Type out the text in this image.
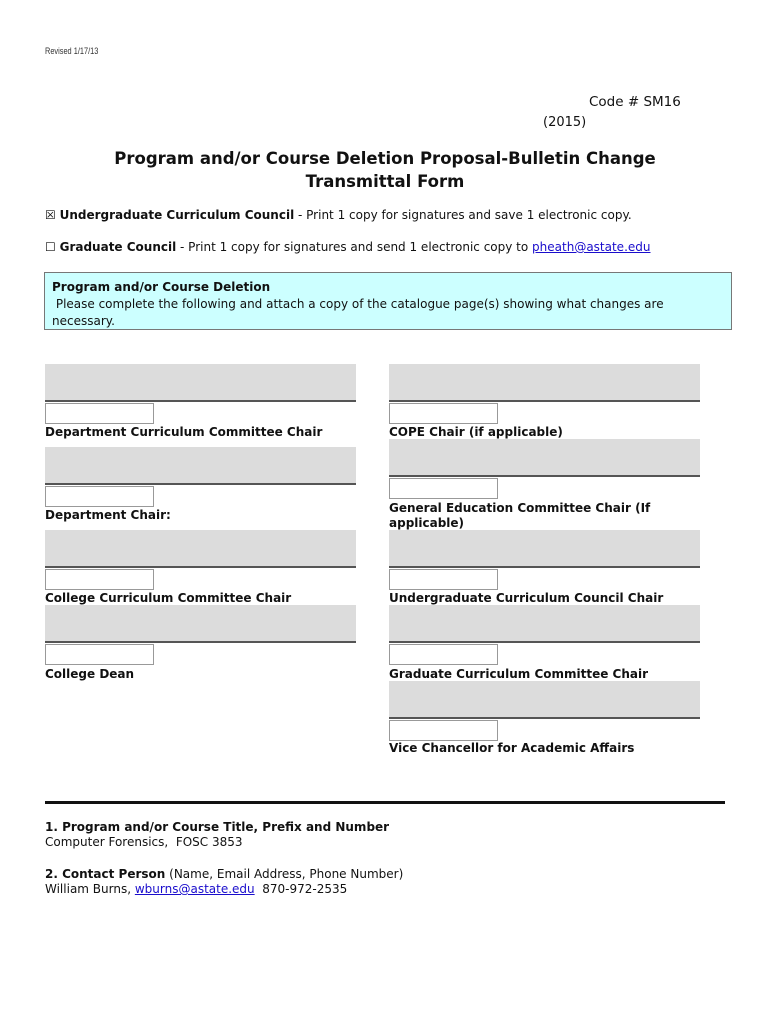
Revised 1/17/13
Code # SM16
(2015)
Program and/or Course Deletion Proposal-Bulletin Change
Transmittal Form
☒ Undergraduate Curriculum Council - Print 1 copy for signatures and save 1 electronic copy.
☐ Graduate Council - Print 1 copy for signatures and send 1 electronic copy to pheath@astate.edu
Program and/or Course Deletion
Please complete the following and attach a copy of the catalogue page(s) showing what changes are necessary.
Department Curriculum Committee Chair
Department Chair:
College Curriculum Committee Chair
College Dean
COPE Chair (if applicable)
General Education Committee Chair (If applicable)
Undergraduate Curriculum Council Chair
Graduate Curriculum Committee Chair
Vice Chancellor for Academic Affairs
1. Program and/or Course Title, Prefix and Number
Computer Forensics,  FOSC 3853
2. Contact Person (Name, Email Address, Phone Number)
William Burns, wburns@astate.edu  870-972-2535
